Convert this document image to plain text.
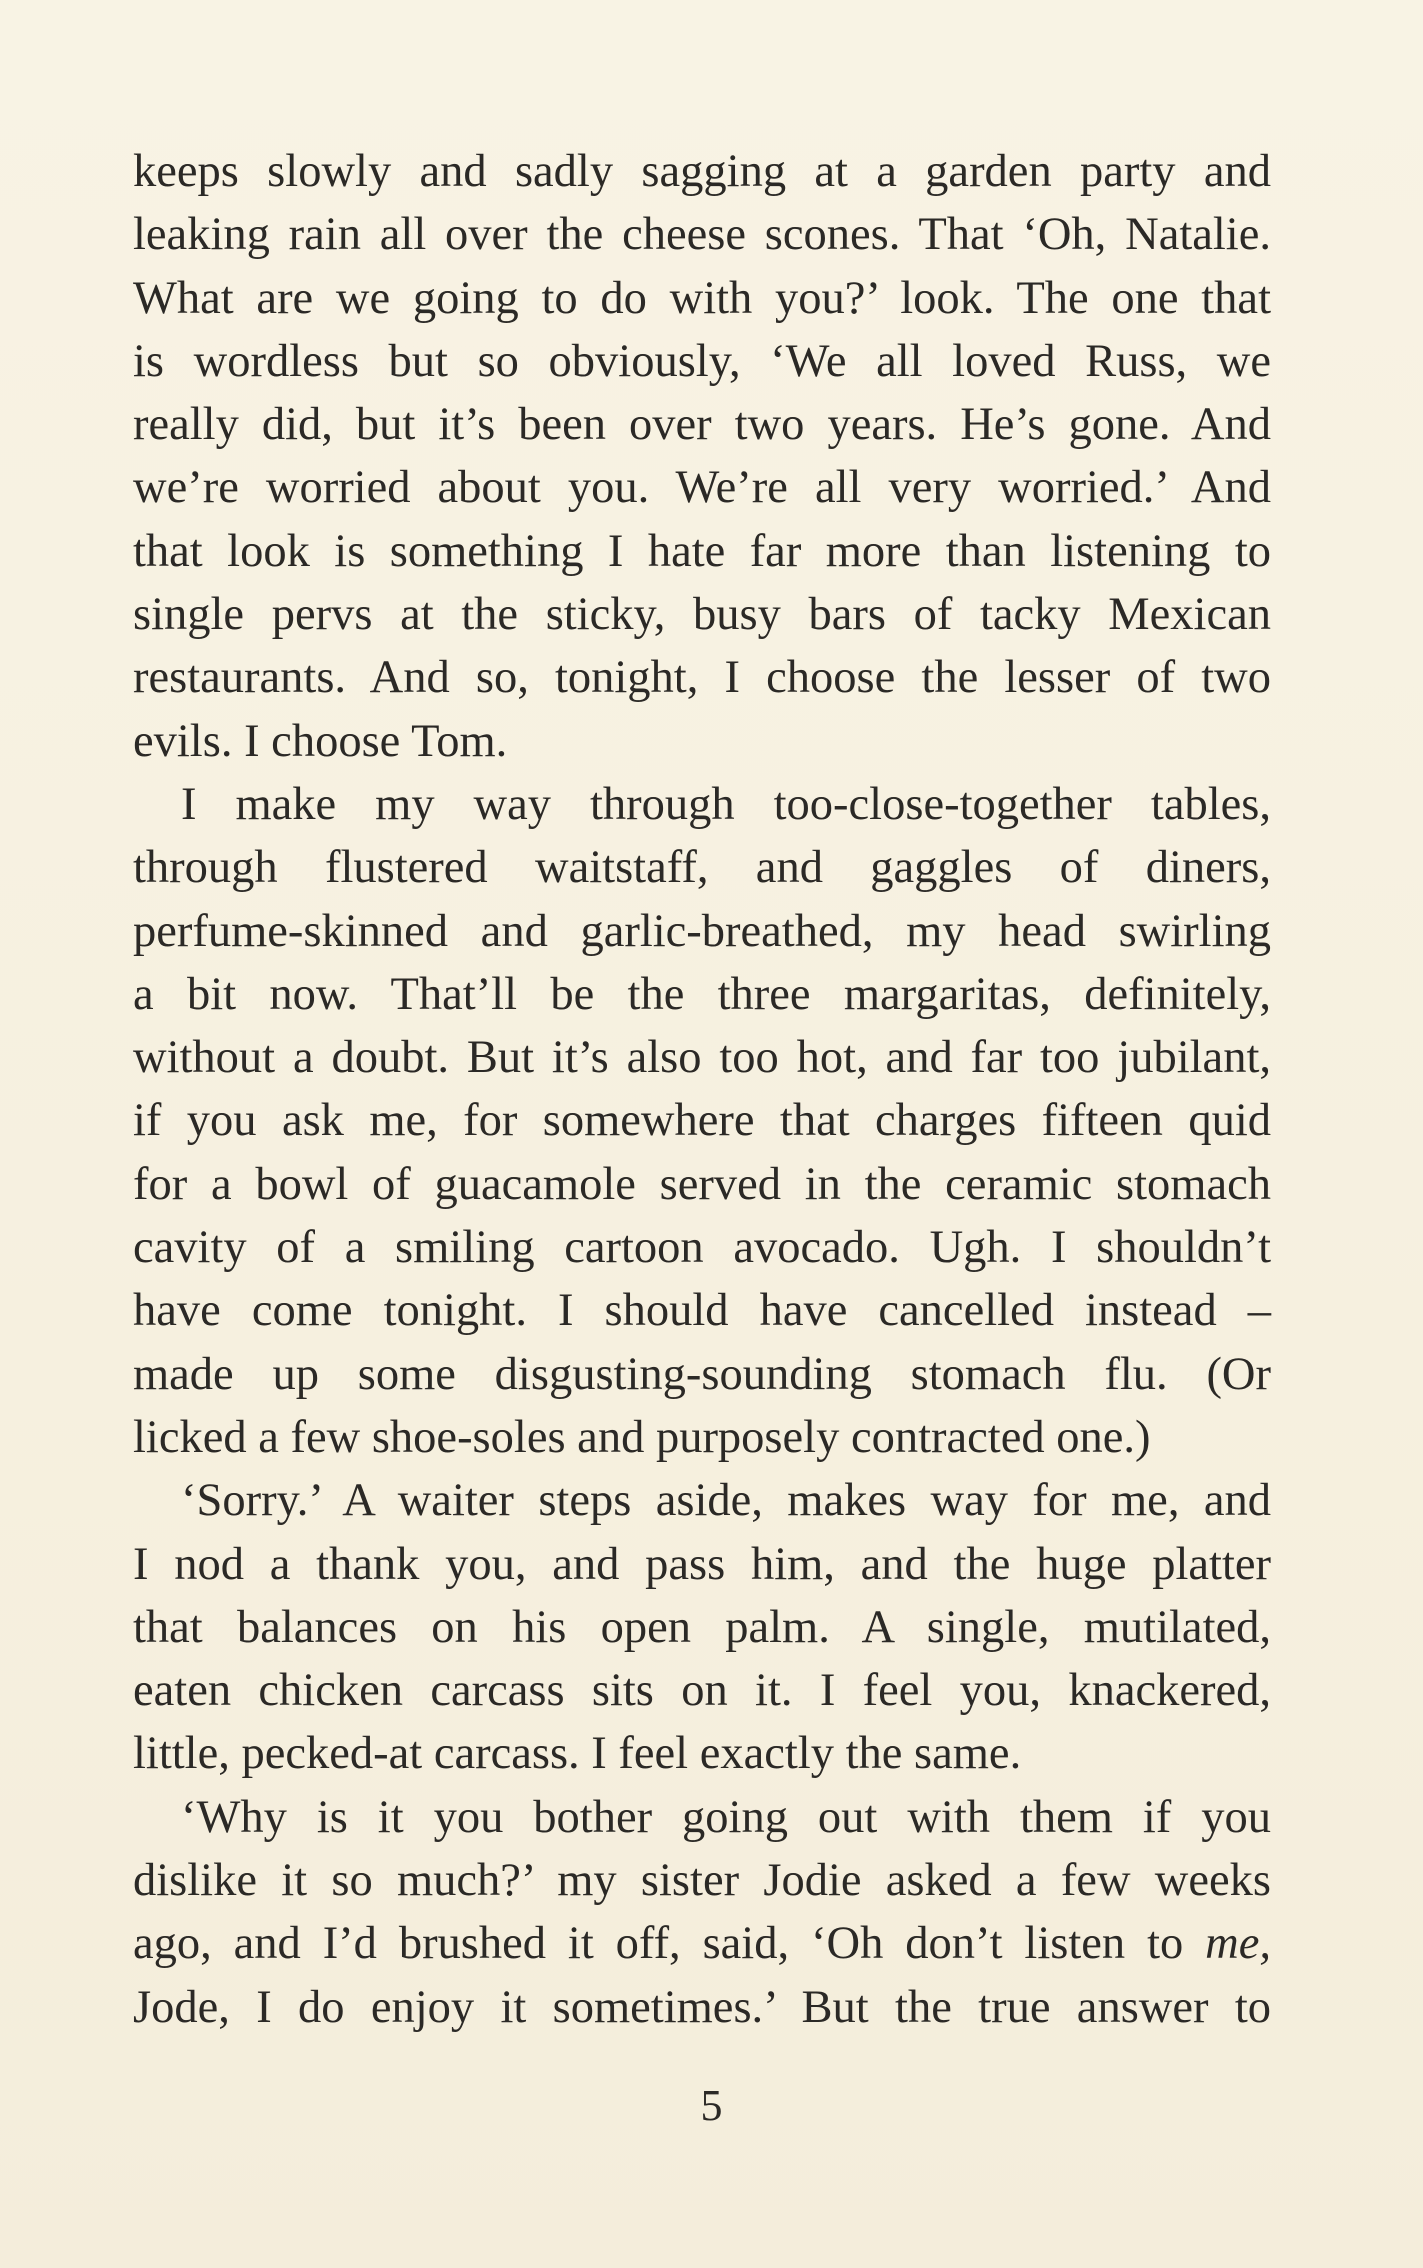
keeps slowly and sadly sagging at a garden party and
leaking rain all over the cheese scones. That ‘Oh, Natalie.
What are we going to do with you?’ look. The one that
is wordless but so obviously, ‘We all loved Russ, we
really did, but it’s been over two years. He’s gone. And
we’re worried about you. We’re all very worried.’ And
that look is something I hate far more than listening to
single pervs at the sticky, busy bars of tacky Mexican
restaurants. And so, tonight, I choose the lesser of two
evils. I choose Tom.
I make my way through too-close-together tables,
through flustered waitstaff, and gaggles of diners,
perfume-skinned and garlic-breathed, my head swirling
a bit now. That’ll be the three margaritas, definitely,
without a doubt. But it’s also too hot, and far too jubilant,
if you ask me, for somewhere that charges fifteen quid
for a bowl of guacamole served in the ceramic stomach
cavity of a smiling cartoon avocado. Ugh. I shouldn’t
have come tonight. I should have cancelled instead –
made up some disgusting-sounding stomach flu. (Or
licked a few shoe-soles and purposely contracted one.)
‘Sorry.’ A waiter steps aside, makes way for me, and
I nod a thank you, and pass him, and the huge platter
that balances on his open palm. A single, mutilated,
eaten chicken carcass sits on it. I feel you, knackered,
little, pecked-at carcass. I feel exactly the same.
‘Why is it you bother going out with them if you
dislike it so much?’ my sister Jodie asked a few weeks
ago, and I’d brushed it off, said, ‘Oh don’t listen to me,
Jode, I do enjoy it sometimes.’ But the true answer to
5
